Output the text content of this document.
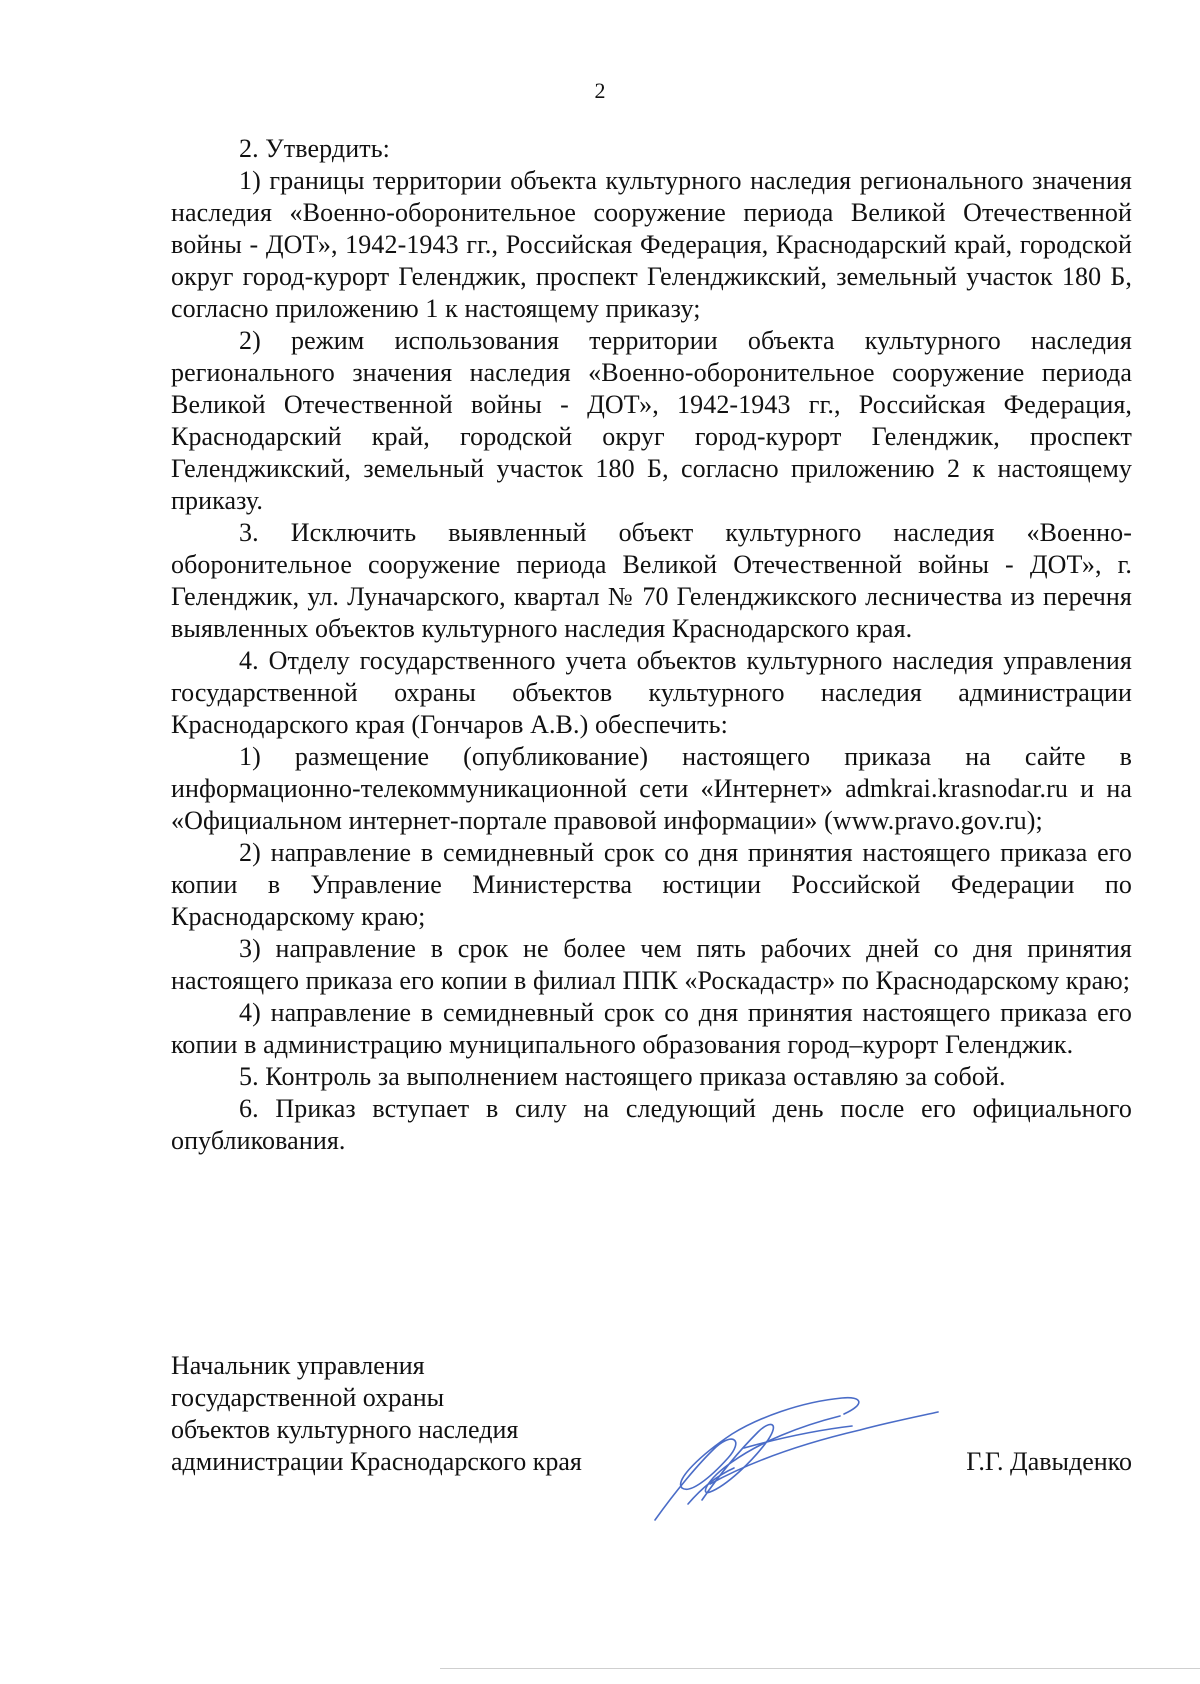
2

2. Утвердить:

1) границы территории объекта культурного наследия регионального значения наследия «Военно-оборонительное сооружение периода Великой Отечественной войны - ДОТ», 1942-1943 гг., Российская Федерация, Краснодарский край, городской округ город-курорт Геленджик, проспект Геленджикский, земельный участок 180 Б, согласно приложению 1 к настоящему приказу;

2) режим использования территории объекта культурного наследия регионального значения наследия «Военно-оборонительное сооружение периода Великой Отечественной войны - ДОТ», 1942-1943 гг., Российская Федерация, Краснодарский край, городской округ город-курорт Геленджик, проспект Геленджикский, земельный участок 180 Б, согласно приложению 2 к настоящему приказу.

3. Исключить выявленный объект культурного наследия «Военно-оборонительное сооружение периода Великой Отечественной войны - ДОТ», г. Геленджик, ул. Луначарского, квартал № 70 Геленджикского лесничества из перечня выявленных объектов культурного наследия Краснодарского края.

4. Отделу государственного учета объектов культурного наследия управления государственной охраны объектов культурного наследия администрации Краснодарского края (Гончаров А.В.) обеспечить:

1) размещение (опубликование) настоящего приказа на сайте в информационно-телекоммуникационной сети «Интернет» admkrai.krasnodar.ru и на «Официальном интернет-портале правовой информации» (www.pravo.gov.ru);

2) направление в семидневный срок со дня принятия настоящего приказа его копии в Управление Министерства юстиции Российской Федерации по Краснодарскому краю;

3) направление в срок не более чем пять рабочих дней со дня принятия настоящего приказа его копии в филиал ППК «Роскадастр» по Краснодарскому краю;

4) направление в семидневный срок со дня принятия настоящего приказа его копии в администрацию муниципального образования город–курорт Геленджик.

5. Контроль за выполнением настоящего приказа оставляю за собой.

6. Приказ вступает в силу на следующий день после его официального опубликования.

Начальник управления
государственной охраны
объектов культурного наследия
администрации Краснодарского края	Г.Г. Давыденко
